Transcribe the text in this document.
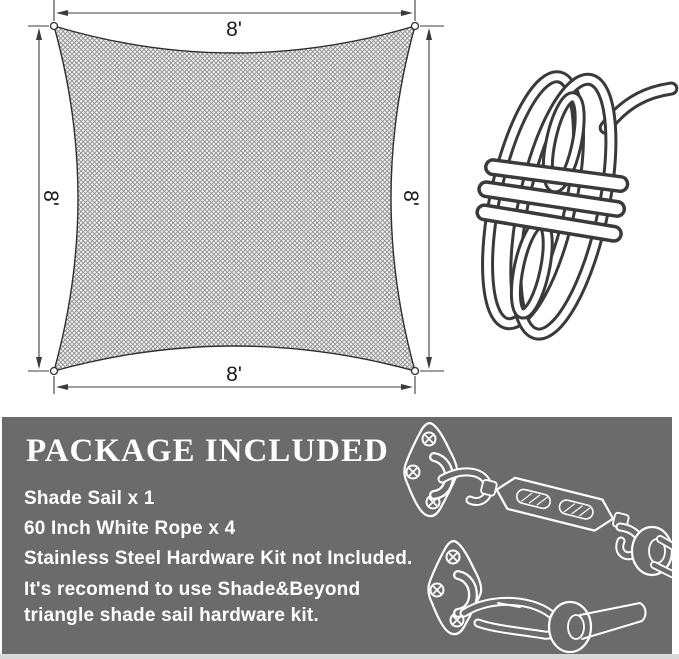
8'
8'
8'	8'
PACKAGE INCLUDED

Shade Sail x 1

60 Inch White Rope x 4

Stainless Steel Hardware Kit not Included.

It's recomend to use Shade&Beyond triangle shade sail hardware kit.
